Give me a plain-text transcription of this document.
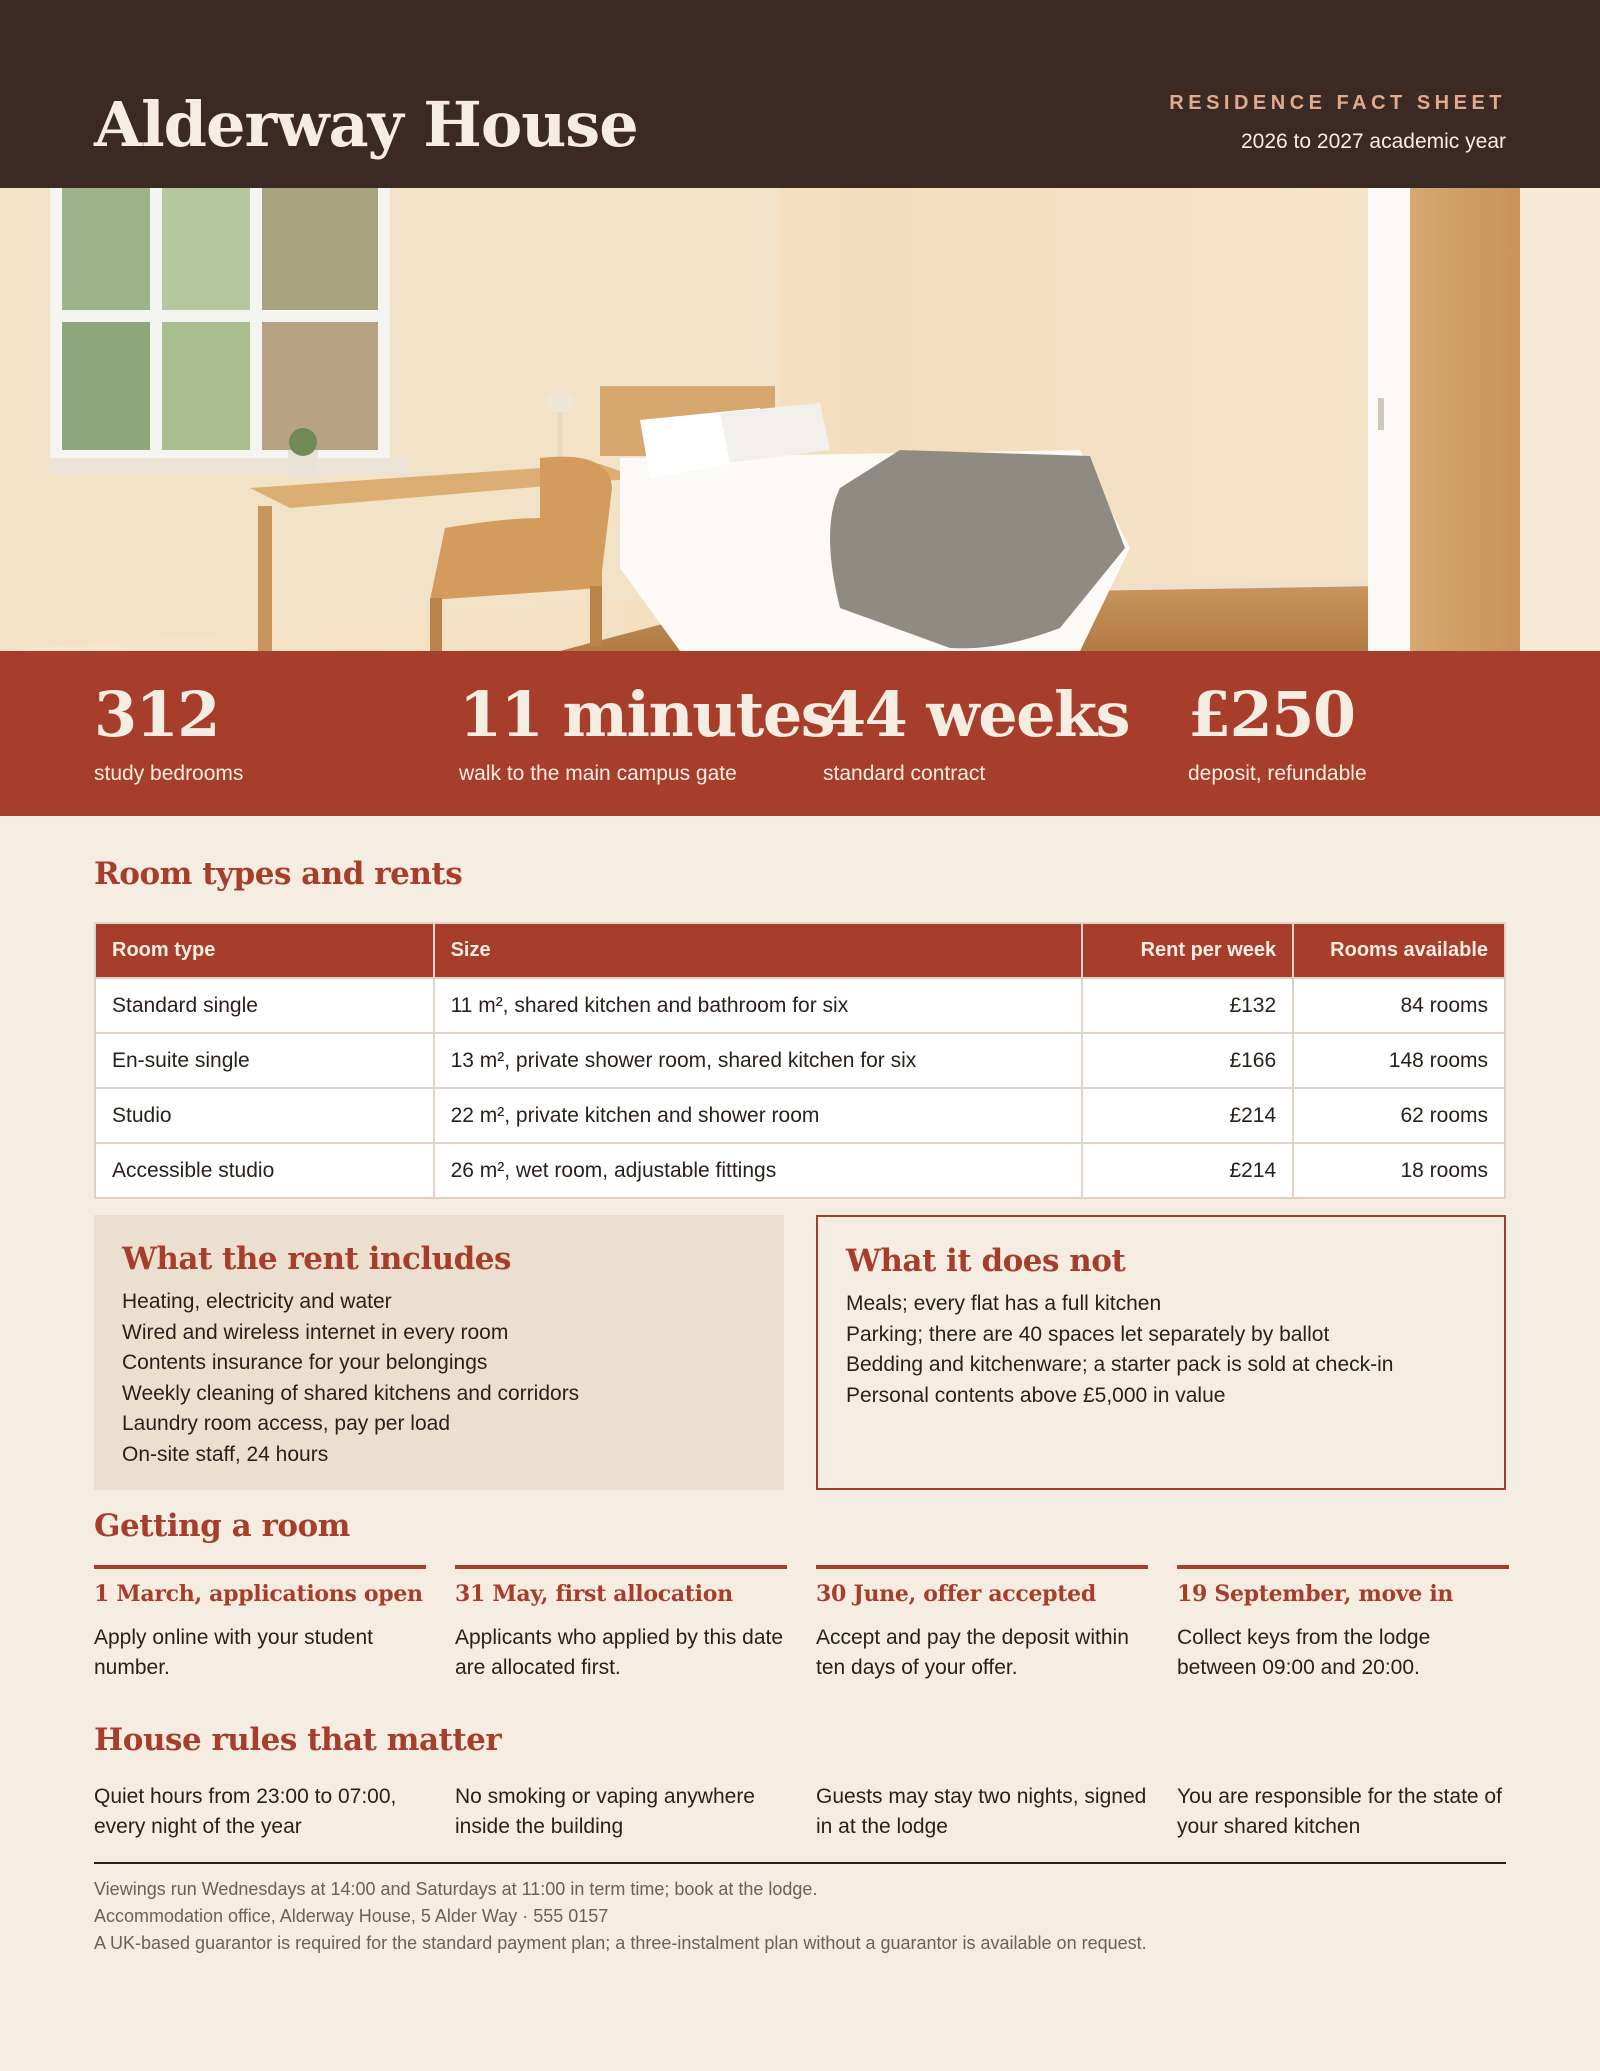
Alderway House	RESIDENCE FACT SHEET
2026 to 2027 academic year
312
study bedrooms
11 minutes
walk to the main campus gate
44 weeks
standard contract
£250
deposit, refundable
Room types and rents
Room type	Size	Rent per week	Rooms available
Standard single	11 m², shared kitchen and bathroom for six	£132	84 rooms
En-suite single	13 m², private shower room, shared kitchen for six	£166	148 rooms
Studio	22 m², private kitchen and shower room	£214	62 rooms
Accessible studio	26 m², wet room, adjustable fittings	£214	18 rooms
What the rent includes
Heating, electricity and water
Wired and wireless internet in every room
Contents insurance for your belongings
Weekly cleaning of shared kitchens and corridors
Laundry room access, pay per load
On-site staff, 24 hours
What it does not
Meals; every flat has a full kitchen
Parking; there are 40 spaces let separately by ballot
Bedding and kitchenware; a starter pack is sold at check-in
Personal contents above £5,000 in value
Getting a room
1 March, applications open
Apply online with your student number.
31 May, first allocation
Applicants who applied by this date are allocated first.
30 June, offer accepted
Accept and pay the deposit within ten days of your offer.
19 September, move in
Collect keys from the lodge between 09:00 and 20:00.
House rules that matter
Quiet hours from 23:00 to 07:00, every night of the year
No smoking or vaping anywhere inside the building
Guests may stay two nights, signed in at the lodge
You are responsible for the state of your shared kitchen

Viewings run Wednesdays at 14:00 and Saturdays at 11:00 in term time; book at the lodge.

Accommodation office, Alderway House, 5 Alder Way · 555 0157

A UK-based guarantor is required for the standard payment plan; a three-instalment plan without a guarantor is available on request.
